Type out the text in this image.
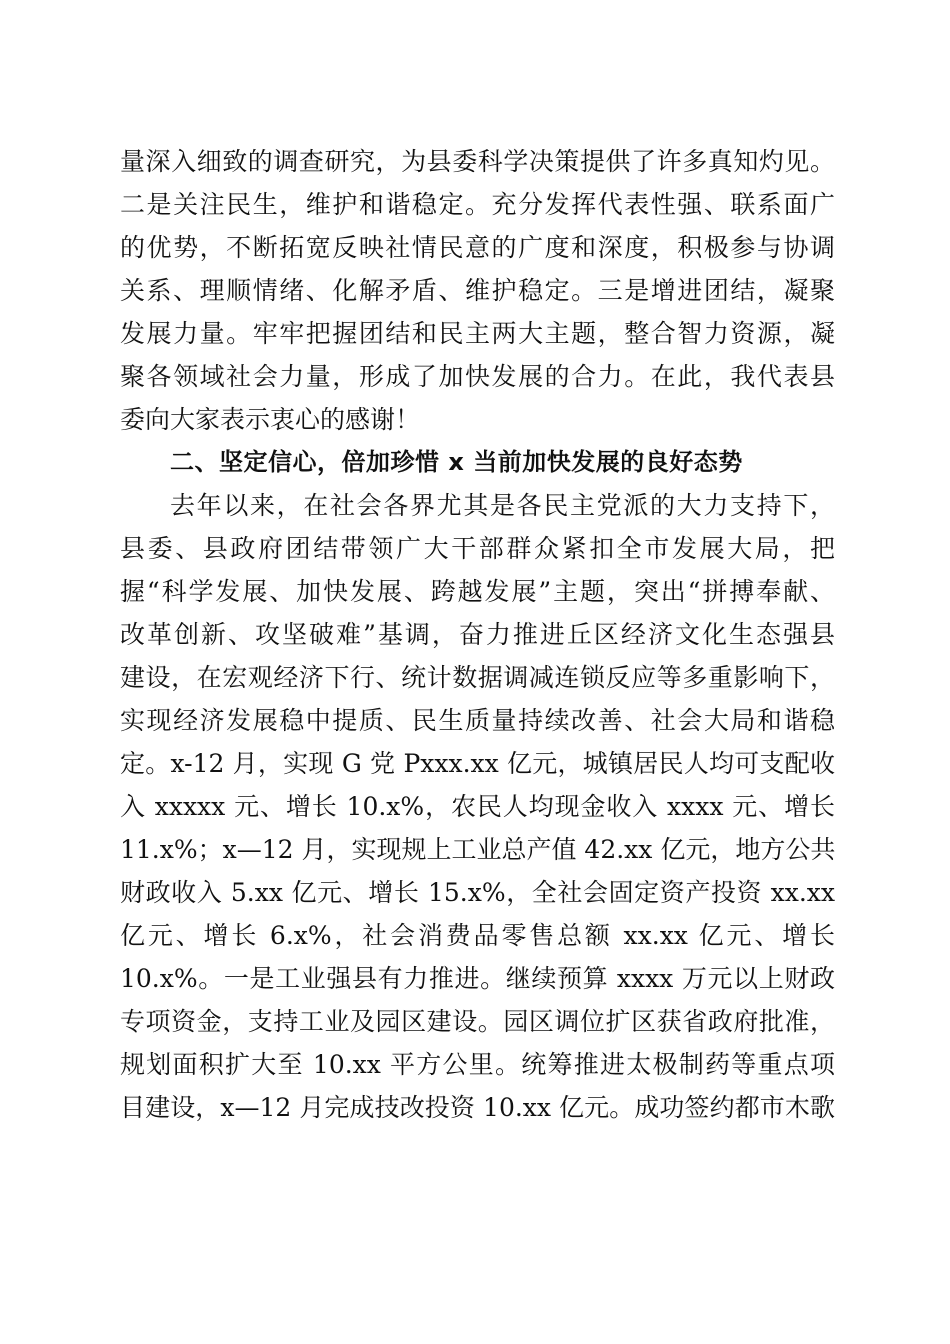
量深入细致的调查研究，为县委科学决策提供了许多真知灼见。
二是关注民生，维护和谐稳定。充分发挥代表性强、联系面广
的优势，不断拓宽反映社情民意的广度和深度，积极参与协调
关系、理顺情绪、化解矛盾、维护稳定。三是增进团结，凝聚
发展力量。牢牢把握团结和民主两大主题，整合智力资源，凝
聚各领域社会力量，形成了加快发展的合力。在此，我代表县
委向大家表示衷心的感谢！
二、坚定信心，倍加珍惜 x 当前加快发展的良好态势
去年以来，在社会各界尤其是各民主党派的大力支持下，
县委、县政府团结带领广大干部群众紧扣全市发展大局，把
握“科学发展、加快发展、跨越发展”主题，突出“拼搏奉献、
改革创新、攻坚破难”基调，奋力推进丘区经济文化生态强县
建设，在宏观经济下行、统计数据调减连锁反应等多重影响下，
实现经济发展稳中提质、民生质量持续改善、社会大局和谐稳
定。x-12 月，实现 G 党 Pxxx.xx 亿元，城镇居民人均可支配收
入 xxxxx 元、增长 10.x%，农民人均现金收入 xxxx 元、增长
11.x%；x—12 月，实现规上工业总产值 42.xx 亿元，地方公共
财政收入 5.xx 亿元、增长 15.x%，全社会固定资产投资 xx.xx
亿元、增长 6.x%，社会消费品零售总额 xx.xx 亿元、增长
10.x%。一是工业强县有力推进。继续预算 xxxx 万元以上财政
专项资金，支持工业及园区建设。园区调位扩区获省政府批准，
规划面积扩大至 10.xx 平方公里。统筹推进太极制药等重点项
目建设，x—12 月完成技改投资 10.xx 亿元。成功签约都市木歌
